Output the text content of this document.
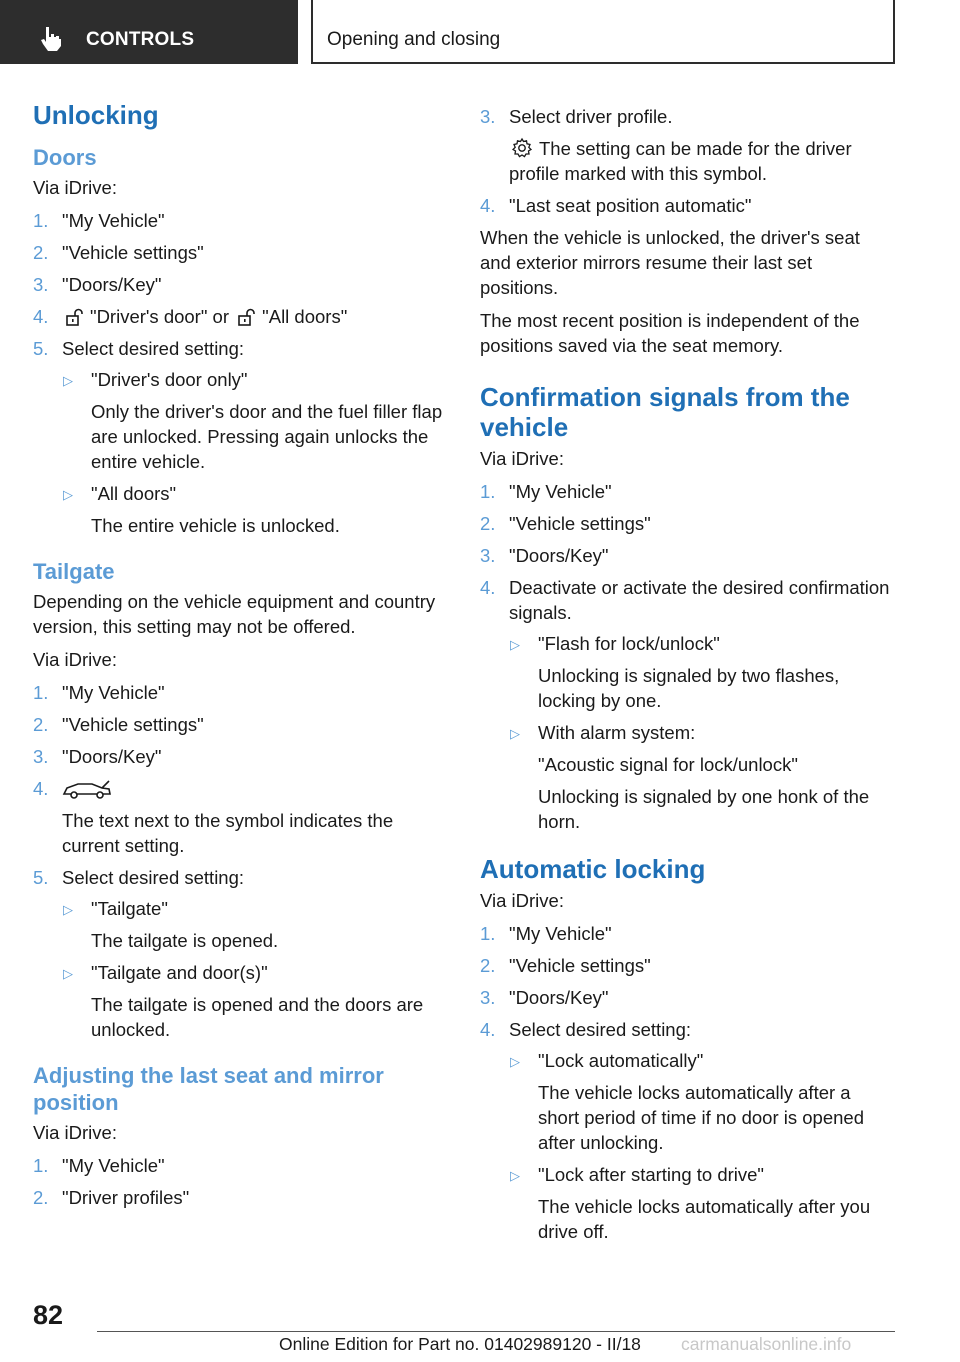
CONTROLS	Opening and closing
Unlocking
Doors

Via iDrive:

1. "My Vehicle"
2. "Vehicle settings"
3. "Doors/Key"
4. "Driver's door" or "All doors"
5. Select desired setting:
▷ "Driver's door only"
Only the driver's door and the fuel filler flap are unlocked. Pressing again unlocks the entire vehicle.
▷ "All doors"
The entire vehicle is unlocked.
Tailgate

Depending on the vehicle equipment and country version, this setting may not be offered.

Via iDrive:

1. "My Vehicle"
2. "Vehicle settings"
3. "Doors/Key"
4.
The text next to the symbol indicates the current setting.
5. Select desired setting:
▷ "Tailgate"
The tailgate is opened.
▷ "Tailgate and door(s)"
The tailgate is opened and the doors are unlocked.
Adjusting the last seat and mirror position

Via iDrive:

1. "My Vehicle"
2. "Driver profiles"
3. Select driver profile.
The setting can be made for the driver profile marked with this symbol.
4. "Last seat position automatic"

When the vehicle is unlocked, the driver's seat and exterior mirrors resume their last set positions.

The most recent position is independent of the positions saved via the seat memory.

Confirmation signals from the vehicle

Via iDrive:

1. "My Vehicle"
2. "Vehicle settings"
3. "Doors/Key"
4. Deactivate or activate the desired confirmation signals.
▷ "Flash for lock/unlock"
Unlocking is signaled by two flashes, locking by one.
▷ With alarm system:
"Acoustic signal for lock/unlock"
Unlocking is signaled by one honk of the horn.
Automatic locking

Via iDrive:

1. "My Vehicle"
2. "Vehicle settings"
3. "Doors/Key"
4. Select desired setting:
▷ "Lock automatically"
The vehicle locks automatically after a short period of time if no door is opened after unlocking.
▷ "Lock after starting to drive"
The vehicle locks automatically after you drive off.
82
Online Edition for Part no. 01402989120 - II/18 carmanualsonline.info
